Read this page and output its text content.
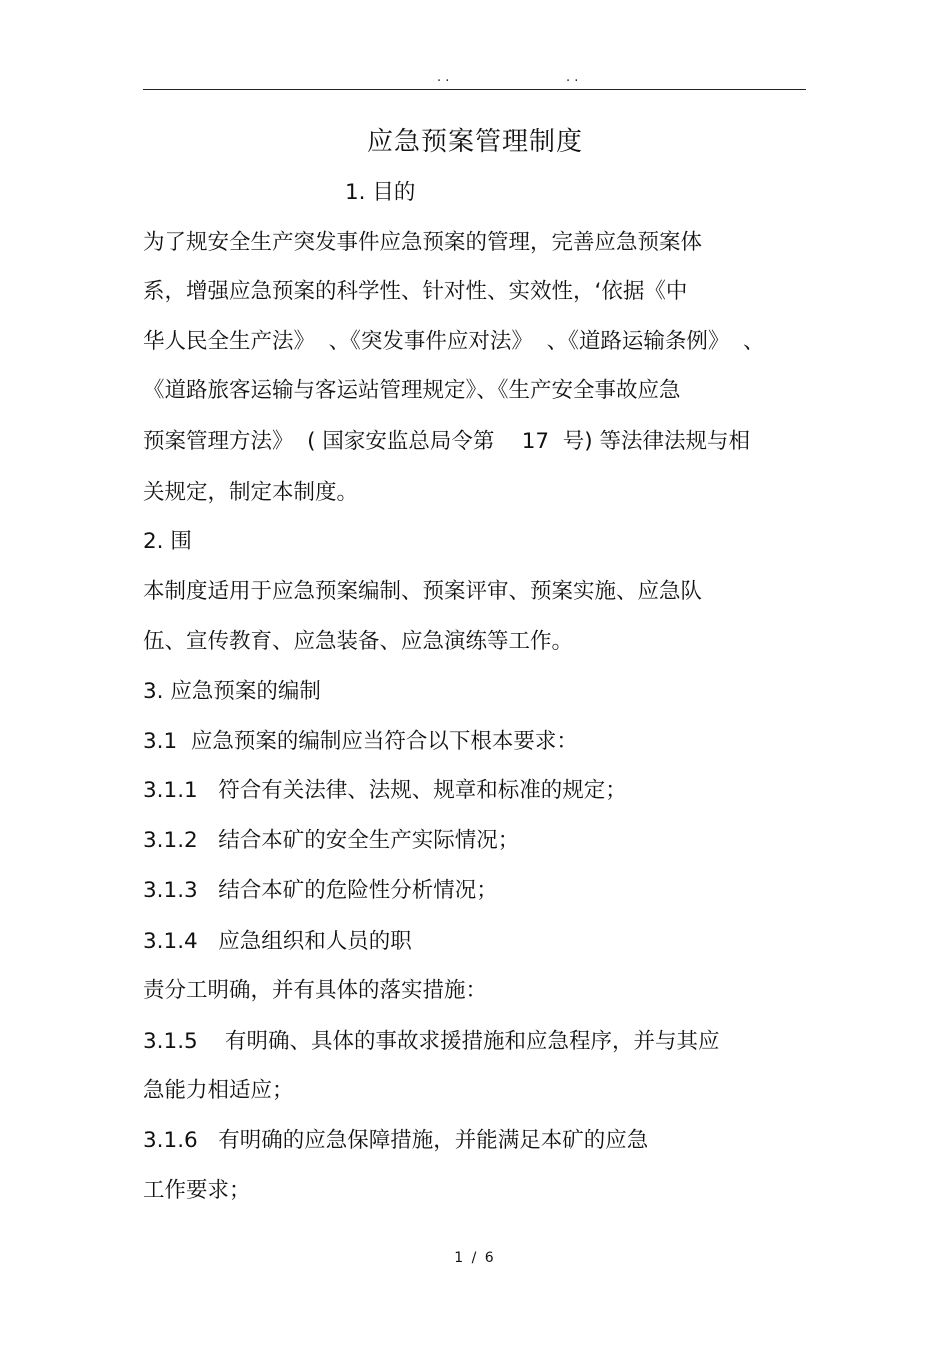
. .	. .
应急预案管理制度
1. 目的
为了规安全生产突发事件应急预案的管理，完善应急预案体
系，增强应急预案的科学性、针对性、实效性，‘依据《中
华人民全生产法》  、《突发事件应对法》  、《道路运输条例》  、
《道路旅客运输与客运站管理规定》、《生产安全事故应急
预案管理方法》  ( 国家安监总局令第    17  号) 等法律法规与相
关规定，制定本制度。
2. 围
本制度适用于应急预案编制、预案评审、预案实施、应急队
伍、宣传教育、应急装备、应急演练等工作。
3. 应急预案的编制
3.1  应急预案的编制应当符合以下根本要求：
3.1.1   符合有关法律、法规、规章和标准的规定；
3.1.2   结合本矿的安全生产实际情况；
3.1.3   结合本矿的危险性分析情况；
3.1.4   应急组织和人员的职
责分工明确，并有具体的落实措施：
3.1.5    有明确、具体的事故求援措施和应急程序，并与其应
急能力相适应；
3.1.6   有明确的应急保障措施，并能满足本矿的应急
工作要求；
1 / 6
